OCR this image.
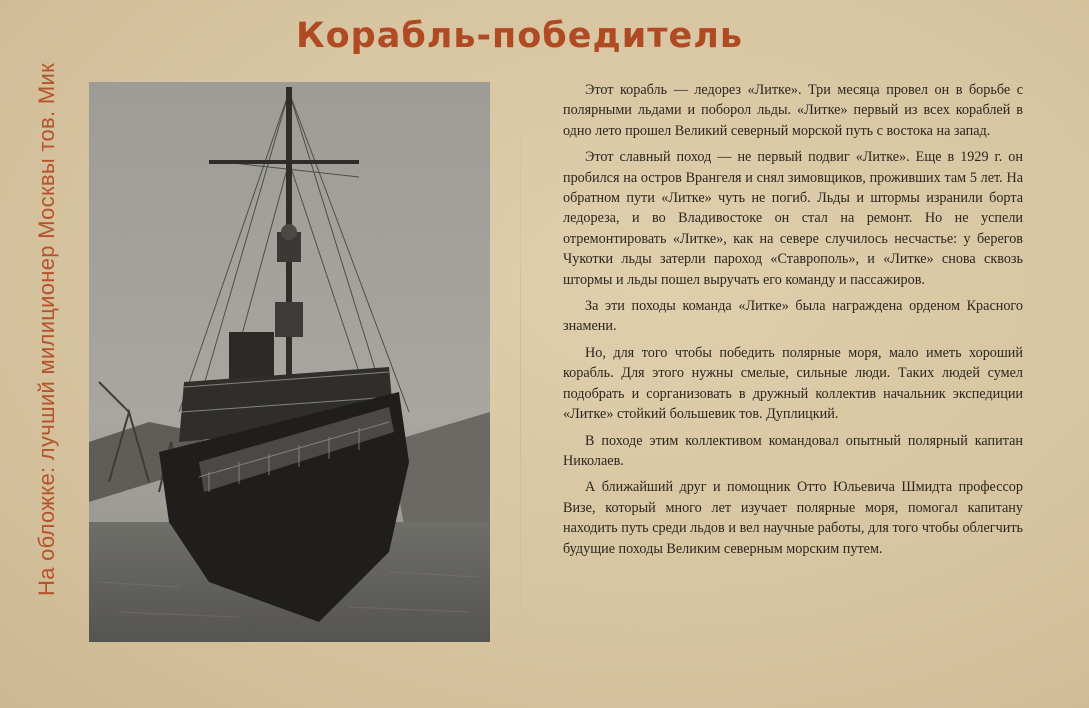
На обложке: лучший милиционер Москвы тов. Мик
Корабль-победитель

Этот корабль — ледорез «Литке». Три месяца провел он в борьбе с полярными льдами и поборол льды. «Литке» первый из всех кораблей в одно лето прошел Великий северный морской путь с востока на запад.

Этот славный поход — не первый подвиг «Литке». Еще в 1929 г. он пробился на остров Врангеля и снял зимовщиков, проживших там 5 лет. На обратном пути «Литке» чуть не погиб. Льды и штормы изранили борта ледореза, и во Владивостоке он стал на ремонт. Но не успели отремонтировать «Литке», как на севере случилось несчастье: у берегов Чукотки льды затерли пароход «Ставрополь», и «Литке» снова сквозь штормы и льды пошел выручать его команду и пассажиров.

За эти походы команда «Литке» была награждена орденом Красного знамени.

Но, для того чтобы победить полярные моря, мало иметь хороший корабль. Для этого нужны смелые, сильные люди. Таких людей сумел подобрать и сорганизовать в дружный коллектив начальник экспедиции «Литке» стойкий большевик тов. Дуплицкий.

В походе этим коллективом командовал опытный полярный капитан Николаев.

А ближайший друг и помощник Отто Юльевича Шмидта профессор Визе, который много лет изучает полярные моря, помогал капитану находить путь среди льдов и вел научные работы, для того чтобы облегчить будущие походы Великим северным морским путем.
